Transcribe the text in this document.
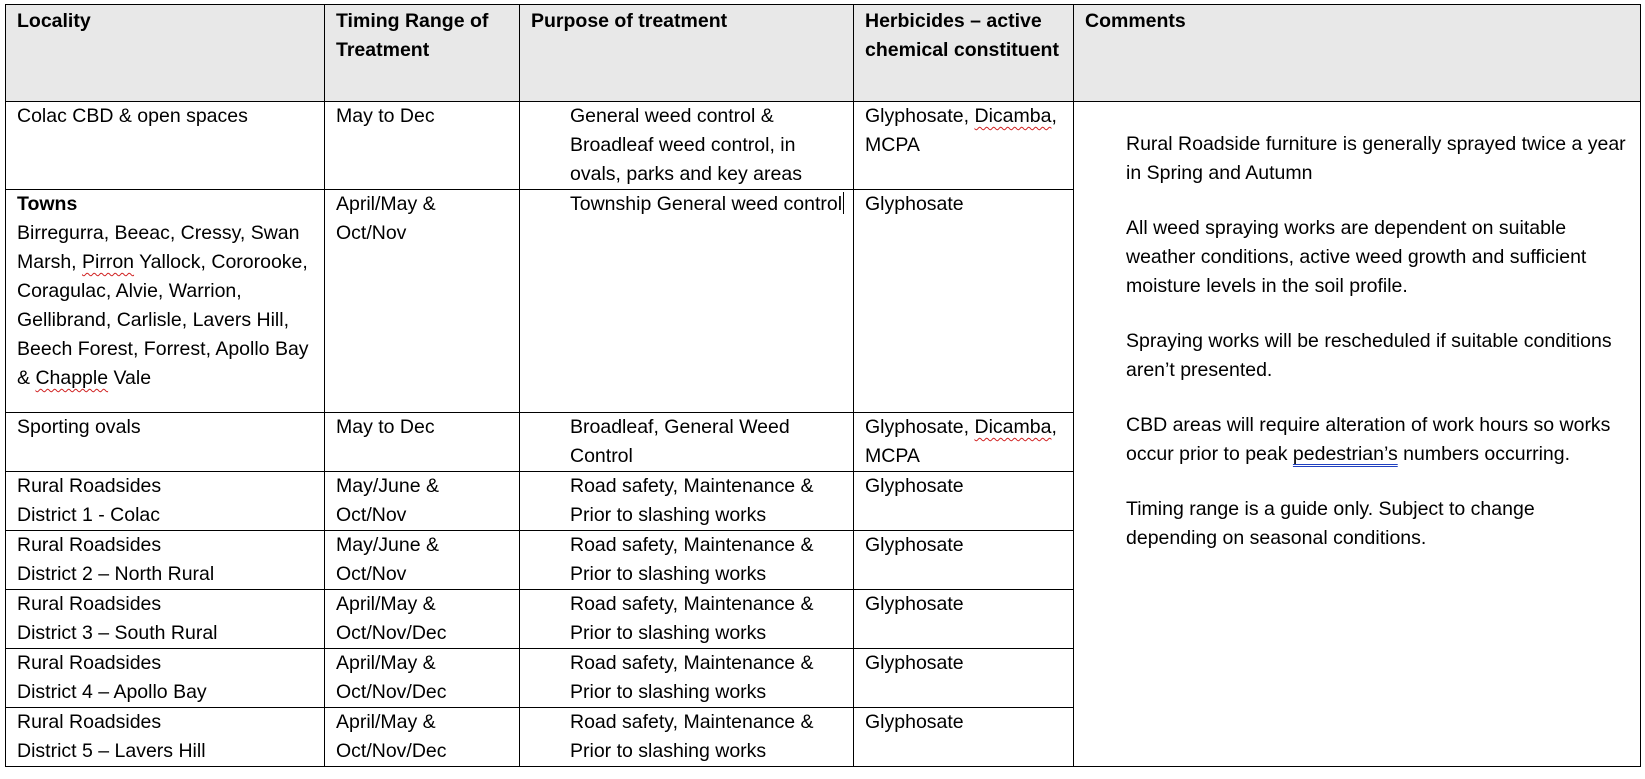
Locality	Timing Range of Treatment	Purpose of treatment	Herbicides – active chemical constituent	Comments
Colac CBD & open spaces	May to Dec	General weed control & Broadleaf weed control, in ovals, parks and key areas	Glyphosate, Dicamba, MCPA	Rural Roadside furniture is generally sprayed twice a year in Spring and Autumn

All weed spraying works are dependent on suitable weather conditions, active weed growth and sufficient moisture levels in the soil profile.

Spraying works will be rescheduled if suitable conditions aren’t presented.

CBD areas will require alteration of work hours so works occur prior to peak pedestrian’s numbers occurring.

Timing range is a guide only. Subject to change depending on seasonal conditions.

Towns
Birregurra, Beeac, Cressy, Swan Marsh, Pirron Yallock, Cororooke, Coragulac, Alvie, Warrion, Gellibrand, Carlisle, Lavers Hill, Beech Forest, Forrest, Apollo Bay & Chapple Vale	April/May & Oct/Nov	Township General weed control	Glyphosate	
Sporting ovals	May to Dec	Broadleaf, General Weed Control	Glyphosate, Dicamba, MCPA	

Rural Roadsides
District 1 - Colac	May/June & Oct/Nov	Road safety, Maintenance & Prior to slashing works	Glyphosate	

Rural Roadsides
District 2 – North Rural	May/June & Oct/Nov	Road safety, Maintenance & Prior to slashing works	Glyphosate	

Rural Roadsides
District 3 – South Rural	April/May & Oct/Nov/Dec	Road safety, Maintenance & Prior to slashing works	Glyphosate	

Rural Roadsides
District 4 – Apollo Bay	April/May & Oct/Nov/Dec	Road safety, Maintenance & Prior to slashing works	Glyphosate	

Rural Roadsides
District 5 – Lavers Hill	April/May & Oct/Nov/Dec	Road safety, Maintenance & Prior to slashing works	Glyphosate	
